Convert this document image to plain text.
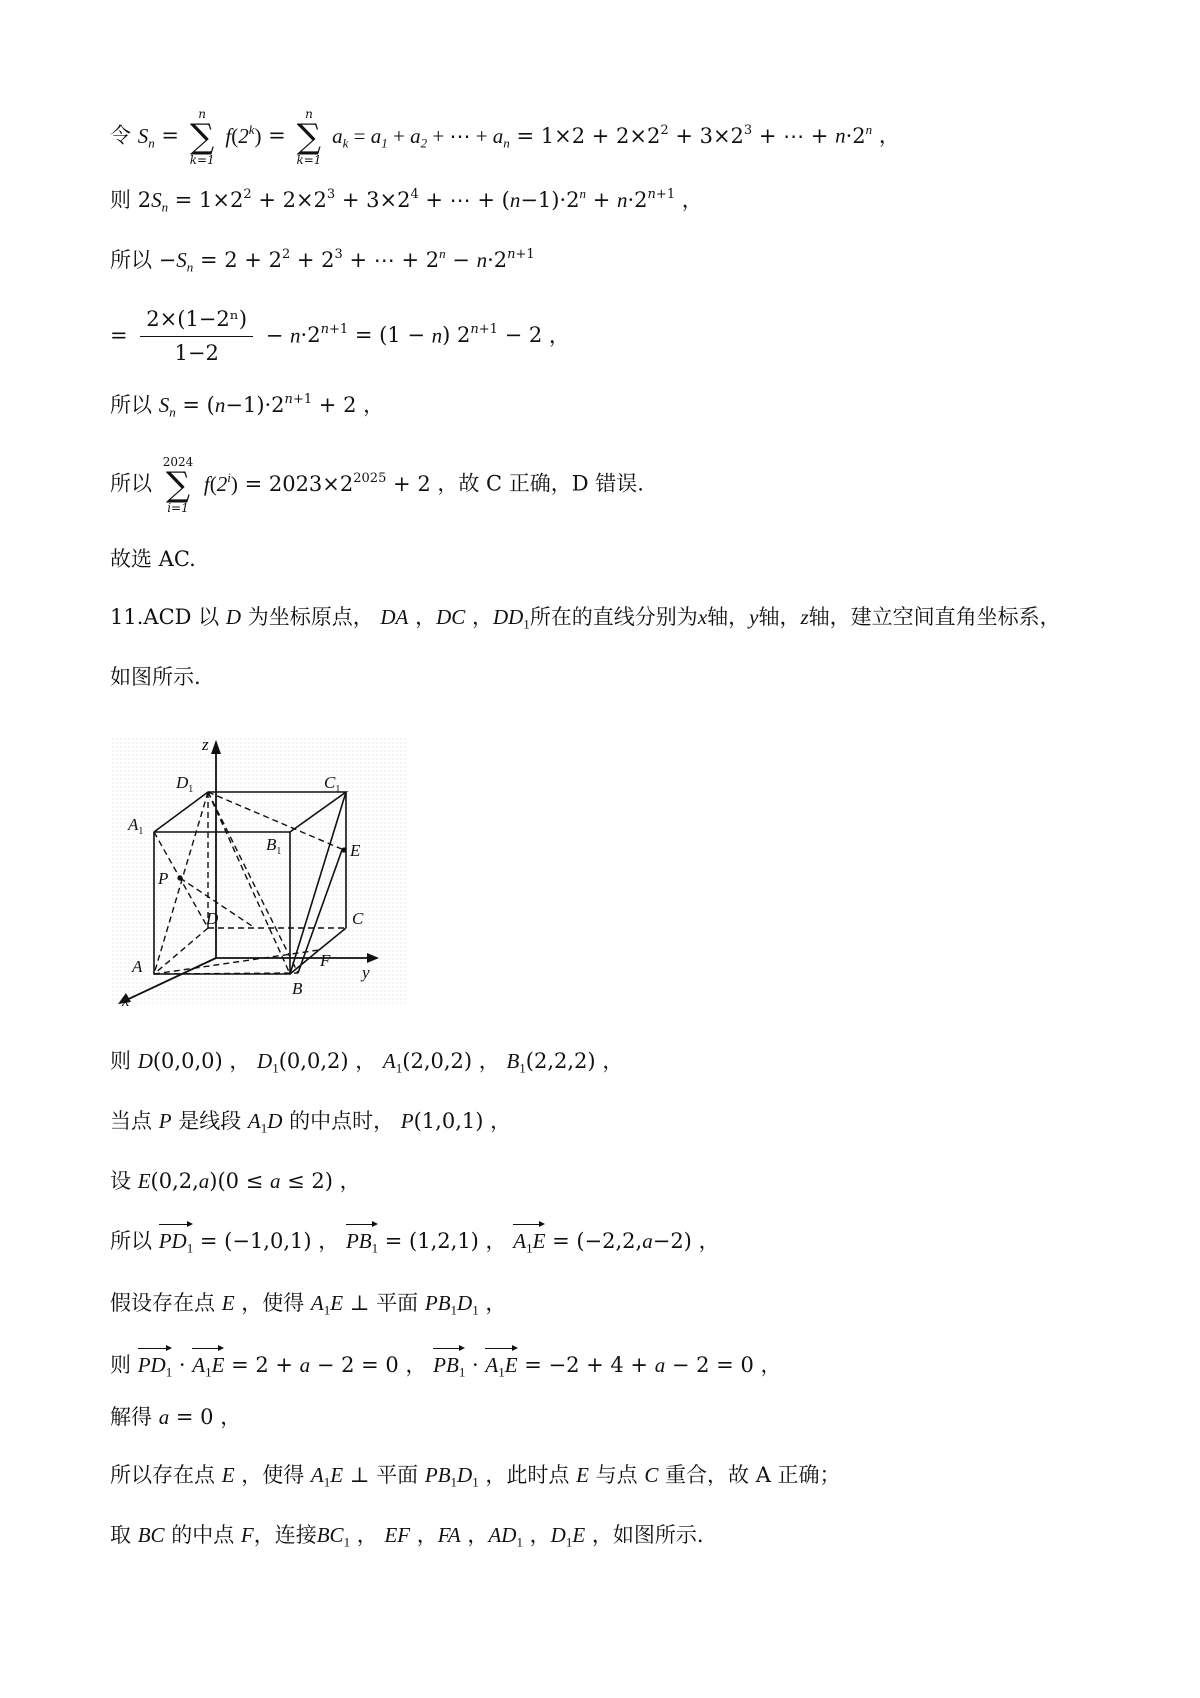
令 $S_n$ =
n
∑
k=1
$f(2^k)$ =
n
∑
k=1
$a_k = a_1 + a_2$ + ⋯ + $a_n = 1\times 2 + 2\times 2^2 + 3\times 2^3$ + ⋯ + $n\cdot 2^n$ ，
则 $2S_n = 1\times 2^2 + 2\times 2^3 + 3\times 2^4$ + ⋯ + $(n-1)\cdot 2^n + n\cdot 2^{n+1}$ ，
所以 $-S_n = 2 + 2^2 + 2^3$ + ⋯ + $2^n - n\cdot 2^{n+1}$
= $\frac{\text{2×(1−2ⁿ)}}{1-2} - n\cdot 2^{n+1} = (1 - n) 2^{n+1} - 2$ ，
所以 $S_n = (n-1)\cdot 2^{n+1} + 2$ ，
所以
2024
∑
i=1
$f(2^i) = 2023\times 2^{2025} + 2$ ，故 C 正确，D 错误.
故选 AC.
11.ACD 以 D 为坐标原点， DA ，DC ，$DD_1$所在的直线分别为x轴，y轴，z轴，建立空间直角坐标系，
如图所示.
z
y
x
$D_1$	$C_1$
$A_1$
$B_1$	E
P
D	C
A
B
F
则 D(0,0,0) ， $D_1(0,0,2)$ ， $A_1(2,0,2)$ ， $B_1(2,2,2)$ ，
当点 P 是线段 $A_1D$ 的中点时， P(1,0,1) ，
设 E(0,2,a)(0 ≤ a ≤ 2) ，
所以 $PD_1 = (-1,0,1)$ ， $PB_1 = (1,2,1)$ ， $A_1E = (-2,2,a-2)$ ，
假设存在点 E ，使得 $A_1E$ ⊥ 平面 $PB_1D_1$ ，
则 $PD_1 \cdot A_1E = 2 + a - 2 = 0$ ， $PB_1 \cdot A_1E = -2 + 4 + a - 2 = 0$ ，
解得 a = 0 ，
所以存在点 E ，使得 $A_1E$ ⊥ 平面 $PB_1D_1$ ，此时点 E 与点 C 重合，故 A 正确；
取 BC 的中点 F，连接$BC_1$ ， EF ，FA ，$AD_1$ ，$D_1E$ ，如图所示.
